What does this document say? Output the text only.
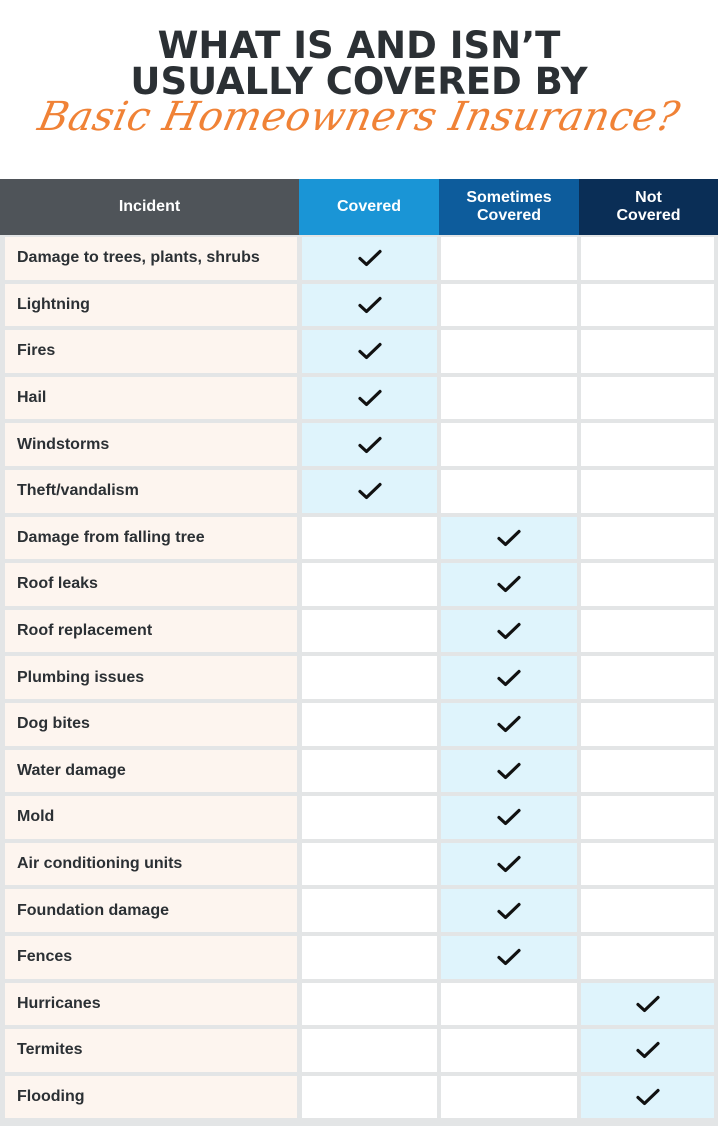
WHAT IS AND ISN’T
USUALLY COVERED BY
Basic Homeowners Insurance?
Incident	Covered
Sometimes
Covered
Not
Covered
Damage to trees, plants, shrubs
Lightning
Fires
Hail
Windstorms
Theft/vandalism
Damage from falling tree
Roof leaks
Roof replacement
Plumbing issues
Dog bites
Water damage
Mold
Air conditioning units
Foundation damage
Fences
Hurricanes
Termites
Flooding
